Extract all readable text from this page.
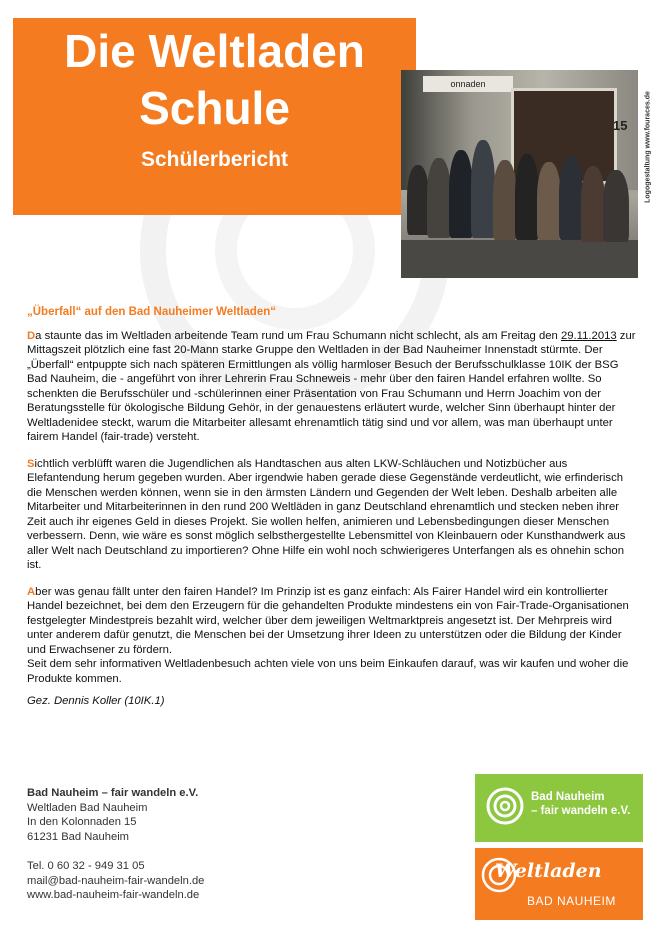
Die Weltladen
Schule
Schülerbericht
onnaden
15 Logogestaltung www.fouraces.de
„Überfall“ auf den Bad Nauheimer Weltladen“

Da staunte das im Weltladen arbeitende Team rund um Frau Schumann nicht schlecht, als am Freitag den 29.11.2013 zur Mittagszeit plötzlich eine fast 20-Mann starke Gruppe den Weltladen in der Bad Nauheimer Innenstadt stürmte. Der „Überfall“ entpuppte sich nach späteren Ermittlungen als völlig harmloser Besuch der Berufsschulklasse 10IK der BSG Bad Nauheim, die - angeführt von ihrer Lehrerin Frau Schneweis - mehr über den fairen Handel erfahren wollte. So schenkten die Berufsschüler und -schülerinnen einer Präsentation von Frau Schumann und Herrn Joachim von der Beratungsstelle für ökologische Bildung Gehör, in der genauestens erläutert wurde, welcher Sinn überhaupt hinter der Weltladenidee steckt, warum die Mitarbeiter allesamt ehrenamtlich tätig sind und vor allem, was man überhaupt unter fairem Handel (fair-trade) versteht.

Sichtlich verblüfft waren die Jugendlichen als Handtaschen aus alten LKW-Schläuchen und Notizbücher aus Elefantendung herum gegeben wurden. Aber irgendwie haben gerade diese Gegenstände verdeutlicht, wie erfinderisch die Menschen werden können, wenn sie in den ärmsten Ländern und Gegenden der Welt leben. Deshalb arbeiten alle Mitarbeiter und Mitarbeiterinnen in den rund 200 Weltläden in ganz Deutschland ehrenamtlich und stecken neben ihrer Zeit auch ihr eigenes Geld in dieses Projekt. Sie wollen helfen, animieren und Lebensbedingungen dieser Menschen verbessern. Denn, wie wäre es sonst möglich selbsthergestellte Lebensmittel von Kleinbauern oder Kunsthandwerk aus aller Welt nach Deutschland zu importieren? Ohne Hilfe ein wohl noch schwierigeres Unterfangen als es ohnehin schon ist.

Aber was genau fällt unter den fairen Handel? Im Prinzip ist es ganz einfach: Als Fairer Handel wird ein kontrollierter Handel bezeichnet, bei dem den Erzeugern für die gehandelten Produkte mindestens ein von Fair-Trade-Organisationen festgelegter Mindestpreis bezahlt wird, welcher über dem jeweiligen Weltmarktpreis angesetzt ist. Der Mehrpreis wird unter anderem dafür genutzt, die Menschen bei der Umsetzung ihrer Ideen zu unterstützen oder die Bildung der Kinder und Erwachsener zu fördern.
Seit dem sehr informativen Weltladenbesuch achten viele von uns beim Einkaufen darauf, was wir kaufen und woher die Produkte kommen.

Gez. Dennis Koller (10IK.1)

Bad Nauheim – fair wandeln e.V.
Weltladen Bad Nauheim
In den Kolonnaden 15
61231 Bad Nauheim
Tel. 0 60 32 - 949 31 05
mail@bad-nauheim-fair-wandeln.de
www.bad-nauheim-fair-wandeln.de
Bad Nauheim
– fair wandeln e.V.
Weltladen
BAD NAUHEIM
